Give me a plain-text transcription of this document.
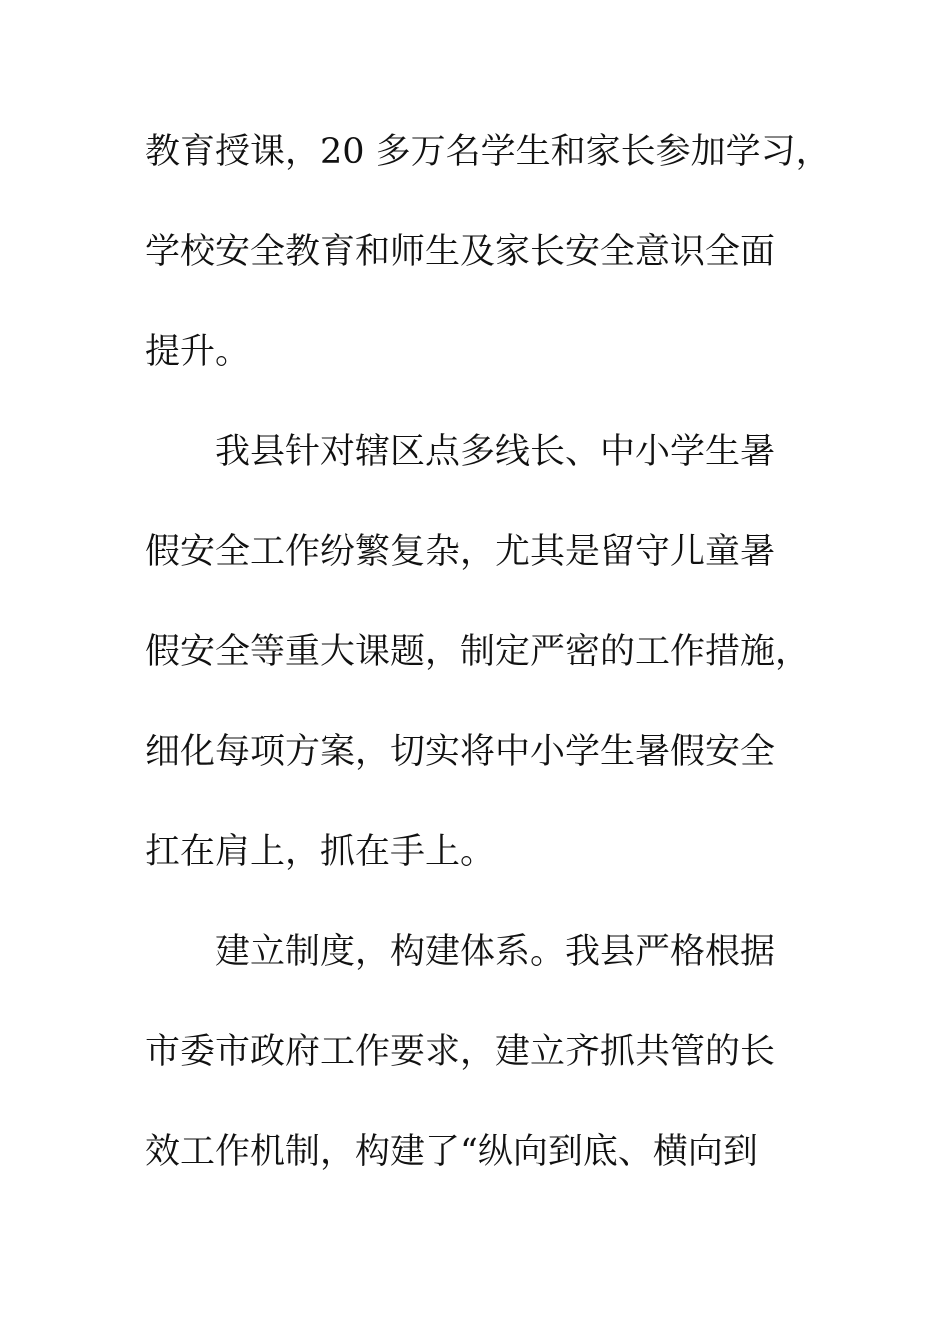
教育授课，20 多万名学生和家长参加学习，
学校安全教育和师生及家长安全意识全面
提升。
我县针对辖区点多线长、中小学生暑
假安全工作纷繁复杂，尤其是留守儿童暑
假安全等重大课题，制定严密的工作措施，
细化每项方案，切实将中小学生暑假安全
扛在肩上，抓在手上。
建立制度，构建体系。我县严格根据
市委市政府工作要求，建立齐抓共管的长
效工作机制，构建了“纵向到底、横向到
